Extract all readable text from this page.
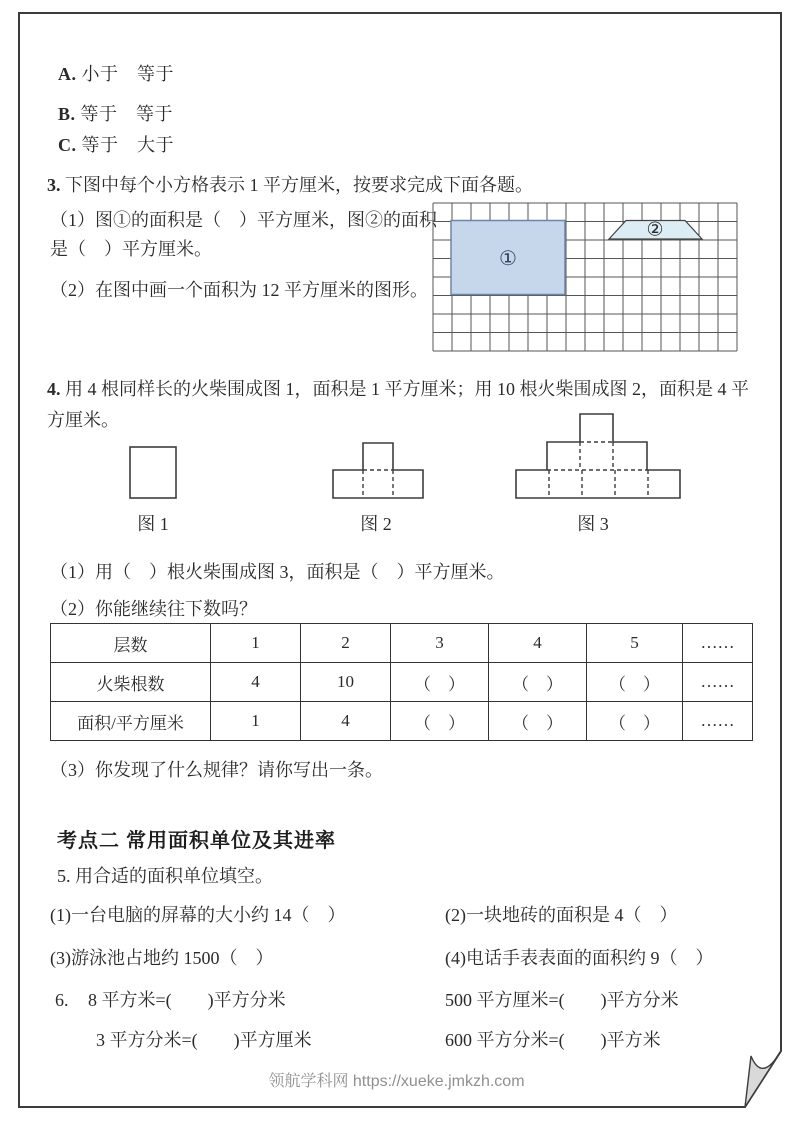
A. 小于　等于
B. 等于　等于
C. 等于　大于
3. 下图中每个小方格表示 1 平方厘米，按要求完成下面各题。
（1）图①的面积是（　）平方厘米，图②的面积是（　）平方厘米。
（2）在图中画一个面积为 12 平方厘米的图形。
①
②
4. 用 4 根同样长的火柴围成图 1，面积是 1 平方厘米；用 10 根火柴围成图 2，面积是 4 平方厘米。
图 1	图 2	图 3
（1）用（　）根火柴围成图 3，面积是（　）平方厘米。
（2）你能继续往下数吗？
层数	1	2	3	4	5	……
火柴根数	4	10	（　）	（　）	（　）	……
面积/平方厘米	1	4	（　）	（　）	（　）	……
（3）你发现了什么规律？请你写出一条。
考点二 常用面积单位及其进率
5. 用合适的面积单位填空。
(1)一台电脑的屏幕的大小约 14（　）	(2)一块地砖的面积是 4（　）
(3)游泳池占地约 1500（　）	(4)电话手表表面的面积约 9（　）
6. 8 平方米=(　　)平方分米	500 平方厘米=(　　)平方分米
3 平方分米=(　　)平方厘米	600 平方分米=(　　)平方米
领航学科网 https://xueke.jmkzh.com
